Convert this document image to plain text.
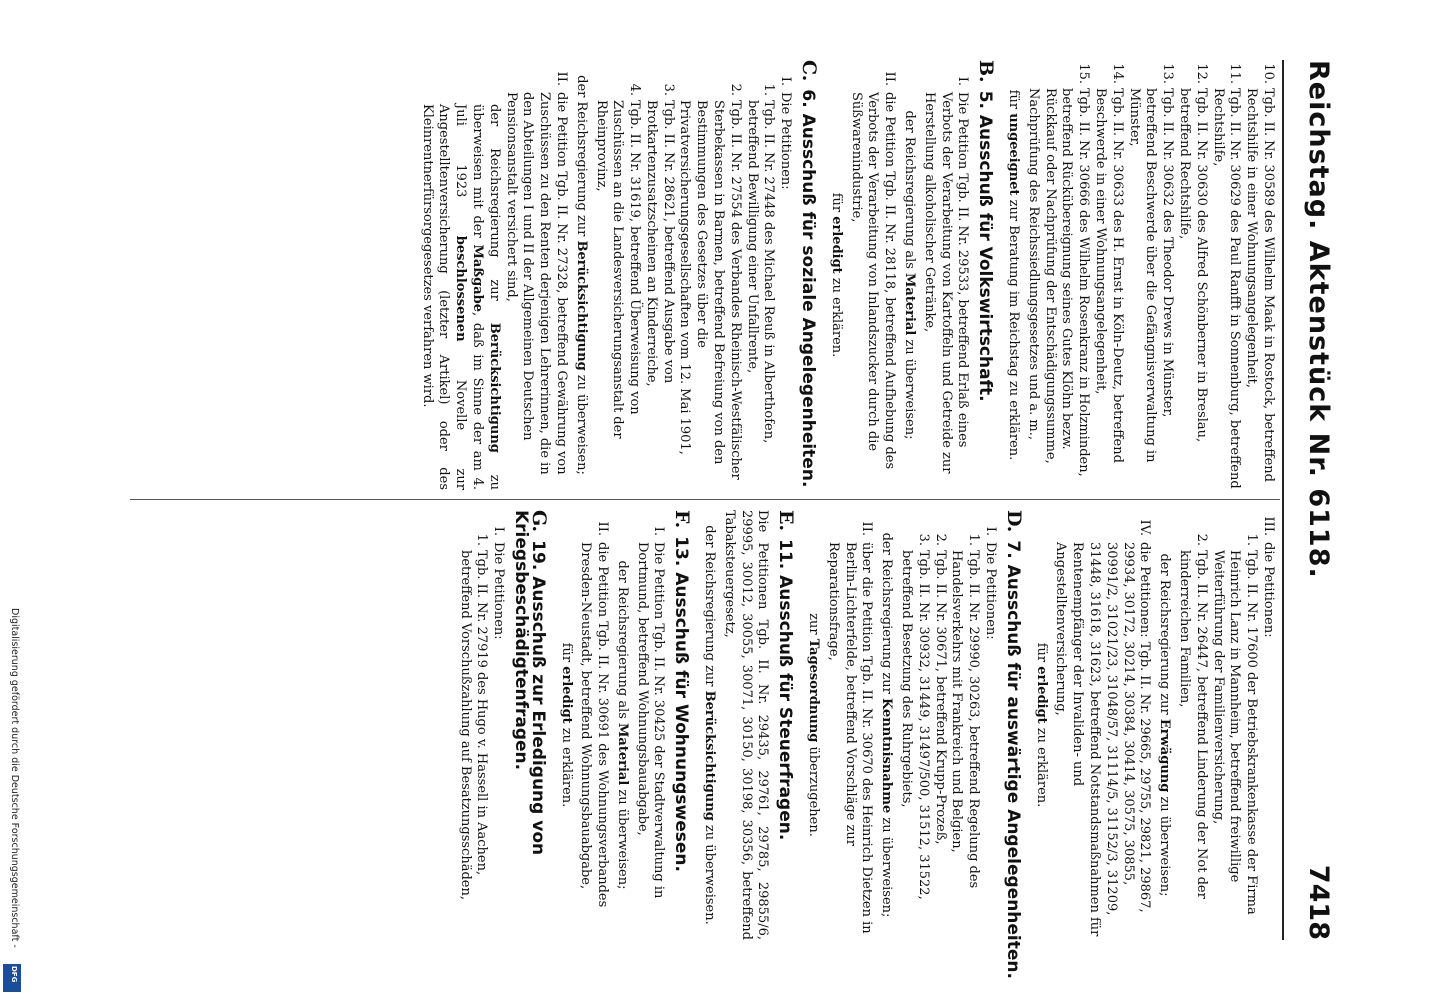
Reichstag. Aktenstück Nr. 6118.
7418
10.
Tgb. II. Nr. 30589 des Wilhelm Maak in Rostock, betreffend Rechtshilfe in einer Wohnungsangelegenheit,
11.
Tgb. II. Nr. 30629 des Paul Ranfft in Sonnenburg, betreffend Rechtshilfe,
12.
Tgb. II. Nr. 30630 des Alfred Schönberner in Breslau, betreffend Rechtshilfe,
13.
Tgb. II. Nr. 30632 des Theodor Drews in Münster, betreffend Beschwerde über die Gefängnisverwaltung in Münster,
14.
Tgb. II. Nr. 30633 des H. Ernst in Köln-Deutz, betreffend Beschwerde in einer Wohnungsangelegenheit,
15.
Tgb. II. Nr. 30666 des Wilhelm Rosenkranz in Holzminden, betreffend Rückübereignung seines Gutes Klöhn bezw. Rückkauf oder Nachprüfung der Entschädigungssumme, Nachprüfung des Reichssiedlungsgesetzes und a. m.,

für ungeeignet zur Beratung im Reichstag zu erklären.

B.5. Ausschuß für Volkswirtschaft.
I.
Die Petition Tgb. II. Nr. 29533, betreffend Erlaß eines Verbots der Verarbeitung von Kartoffeln und Getreide zur Herstellung alkoholischer Getränke,

der Reichsregierung als Material zu überweisen;

II.
die Petition Tgb. II. Nr. 28118, betreffend Aufhebung des Verbots der Verarbeitung von Inlandszucker durch die Süßwarenindustrie,

für erledigt zu erklären.

C.6. Ausschuß für soziale Angelegenheiten.
I.
Die Petitionen:
1.
Tgb. II. Nr. 27448 des Michael Reuß in Alberthofen, betreffend Bewilligung einer Unfallrente,
2.
Tgb. II. Nr. 27554 des Verbandes Rheinisch-Westfälischer Sterbekassen in Barmen, betreffend Befreiung von den Bestimmungen des Gesetzes über die Privatversicherungsgesellschaften vom 12. Mai 1901,
3.
Tgb. II. Nr. 28621, betreffend Ausgabe von Brotkartenzusatzscheinen an Kinderreiche,
4.
Tgb. II. Nr. 31619, betreffend Überweisung von Zuschüssen an die Landesversicherungsanstalt der Rheinprovinz,

der Reichsregierung zur Berücksichtigung zu überweisen;

II.
die Petition Tgb. II. Nr. 27328, betreffend Gewährung von Zuschüssen zu den Renten derjenigen Lehrerinnen, die in den Abteilungen I und II der Allgemeinen Deutschen Pensionsanstalt versichert sind,

der Reichsregierung zur Berücksichtigung zu überweisen mit der Maßgabe, daß im Sinne der am 4. Juli 1923 beschlossenen Novelle zur Angestelltenversicherung (letzter Artikel) oder des Kleinrentnerfürsorgegesetzes verfahren wird.

III.
die Petitionen:
1.
Tgb. II. Nr. 17600 der Betriebskrankenkasse der Firma Heinrich Lanz in Mannheim, betreffend freiwillige Weiterführung der Familienversicherung,
2.
Tgb. II. Nr. 26447, betreffend Linderung der Not der kinderreichen Familien,

der Reichsregierung zur Erwägung zu überweisen;

IV.
die Petitionen: Tgb. II. Nr. 29665, 29755, 29821, 29867, 29934, 30172, 30214, 30384, 30414, 30575, 30855, 30991/2, 31021/23, 31048/57, 31114/5, 31152/3, 31209, 31448, 31618, 31623, betreffend Notstandsmaßnahmen für Rentenempfänger der Invaliden- und Angestelltenversicherung,

für erledigt zu erklären.

D.7. Ausschuß für auswärtige Angelegenheiten.
I.
Die Petitionen:
1.
Tgb. II. Nr. 29990, 30263, betreffend Regelung des Handelsverkehrs mit Frankreich und Belgien,
2.
Tgb. II. Nr. 30671, betreffend Krupp-Prozeß,
3.
Tgb. II. Nr. 30932, 31449, 31497/500, 31512, 31522, betreffend Besetzung des Ruhrgebiets,

der Reichsregierung zur Kenntnisnahme zu überweisen;

II.
über die Petition Tgb. II. Nr. 30670 des Heinrich Dietzen in Berlin-Lichterfelde, betreffend Vorschläge zur Reparationsfrage,

zur Tagesordnung überzugehen.

E.11. Ausschuß für Steuerfragen.

Die Petitionen Tgb. II. Nr. 29435, 29761, 29785, 29855/6, 29995, 30012, 30055, 30071, 30150, 30198, 30356, betreffend Tabaksteuergesetz,

der Reichsregierung zur Berücksichtigung zu überweisen.

F.13. Ausschuß für Wohnungswesen.
I.
Die Petition Tgb. II. Nr. 30425 der Stadtverwaltung in Dortmund, betreffend Wohnungsbauabgabe,

der Reichsregierung als Material zu überweisen;

II.
die Petition Tgb. II. Nr. 30691 des Wohnungsverbandes Dresden-Neustadt, betreffend Wohnungsbauabgabe,

für erledigt zu erklären.

G.19. Ausschuß zur Erledigung von Kriegsbeschädigtenfragen.
I.
Die Petitionen:
1.
Tgb. II. Nr. 27919 des Hugo v. Hassell in Aachen, betreffend Vorschußzahlung auf Besatzungsschäden,
Digitalisierung gefördert durch die Deutsche Forschungsgemeinschaft -
DFG
